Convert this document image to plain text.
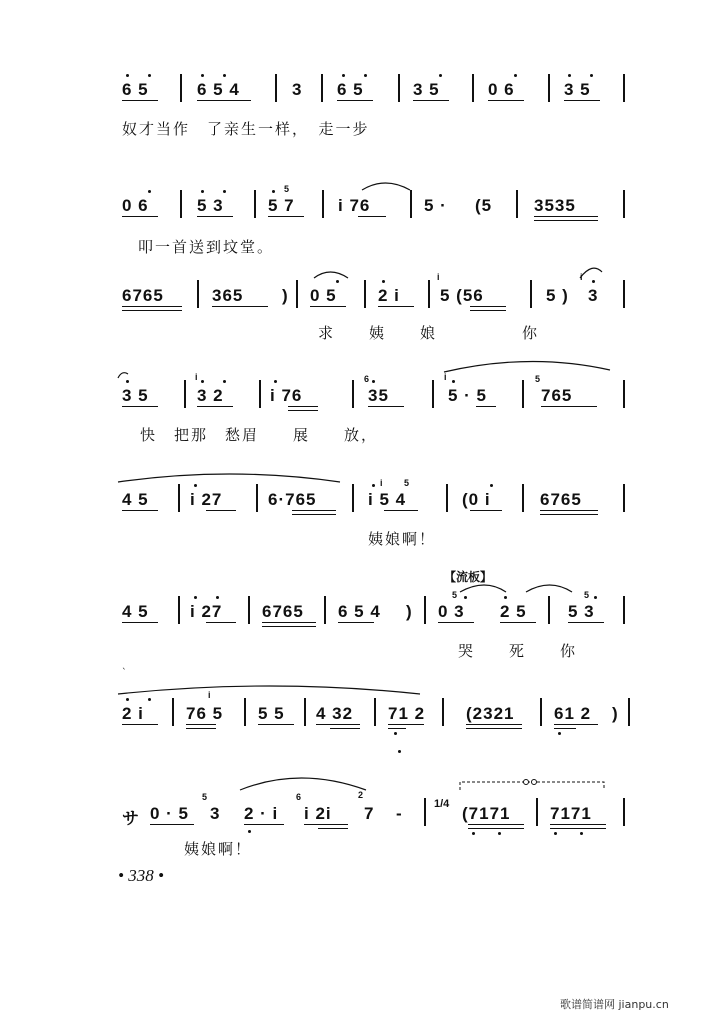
6 5	6 5 4	3 6 5	3 5	0 6	3 5
奴才当作　了亲生一样，　走一步
0 6	5 3	5 7	i 76	5 · (5 3535
5
叩一首送到坟堂。
6765	365 ) 0 5 2 i 5 (56	5 ) 3
i	i
求　　姨　　娘　　　　　你
3 5	3 2	i 76	35	5 · 5	765
i	6	i	5
快　把那　愁眉　　展　　放，
4 5 i 27	6·765	i 5 4	(0 i	6765
i 5
姨娘啊！
【流板】
4 5 i 27 6765 6 5 4 ) 0 3 2 5 5 3
5	5
哭　　死　　你
`
2 i 76 5 5 5 4 32 71 2 (2321 61 2 )
i
サ 0 · 5 3 2 · i i 2i 7 -	1/4 (7171 7171
5	6	2
姨娘啊！
• 338 •
歌谱简谱网 jianpu.cn
